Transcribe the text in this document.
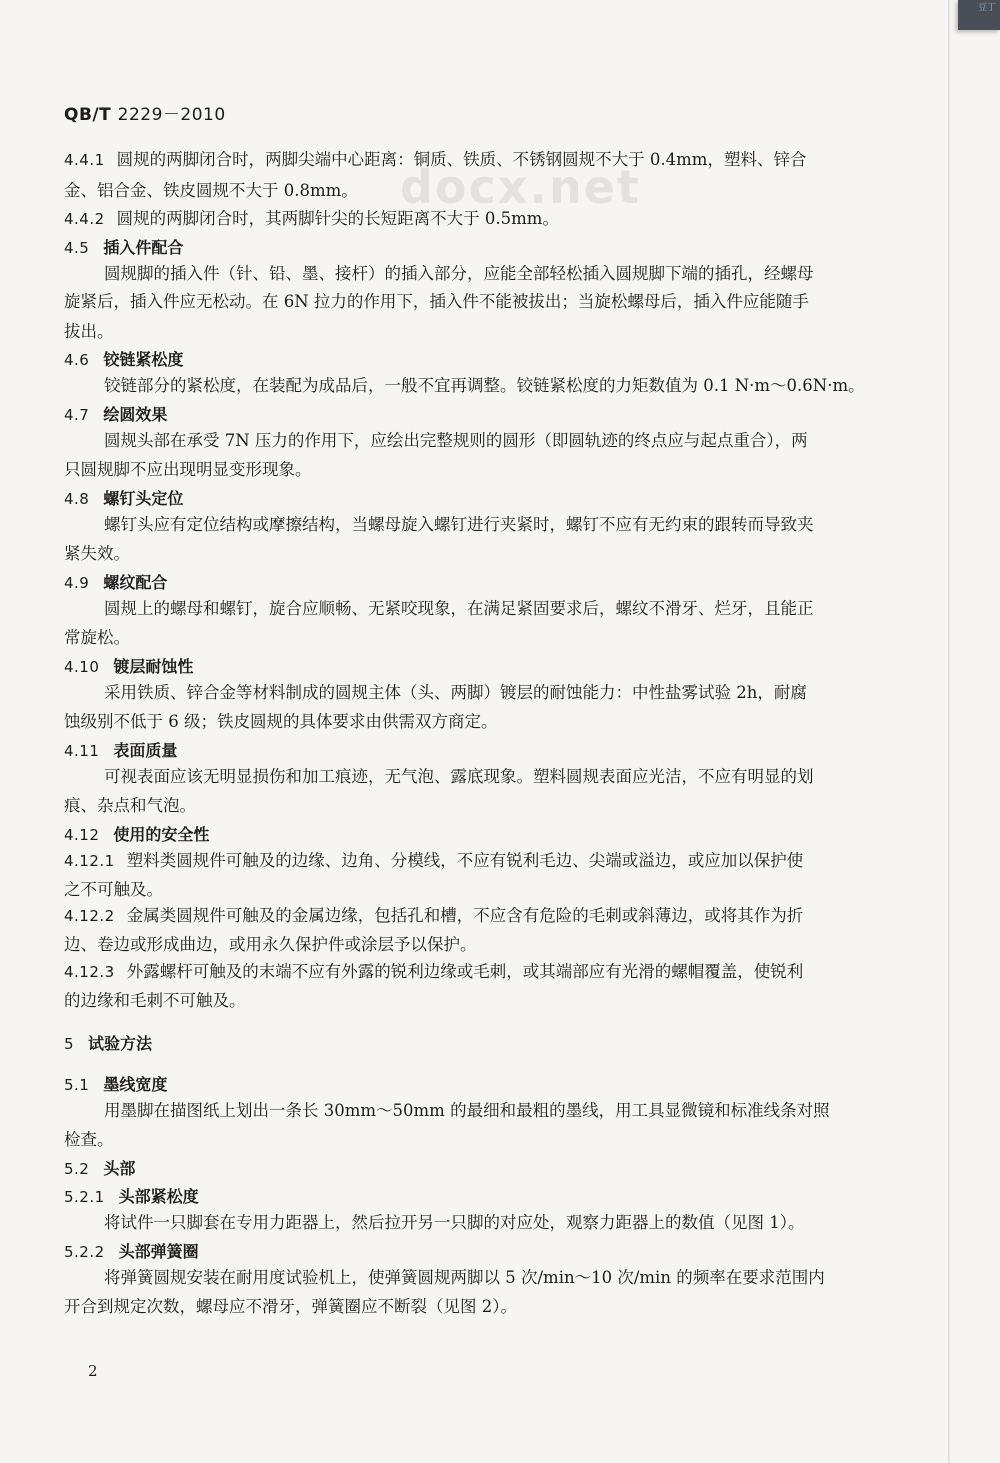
豆丁
QB/T 2229－2010
docx.net
4.4.1 圆规的两脚闭合时，两脚尖端中心距离：铜质、铁质、不锈钢圆规不大于 0.4mm，塑料、锌合
金、铝合金、铁皮圆规不大于 0.8mm。
4.4.2 圆规的两脚闭合时，其两脚针尖的长短距离不大于 0.5mm。
4.5 插入件配合
圆规脚的插入件（针、铅、墨、接杆）的插入部分，应能全部轻松插入圆规脚下端的插孔，经螺母
旋紧后，插入件应无松动。在 6N 拉力的作用下，插入件不能被拔出；当旋松螺母后，插入件应能随手
拔出。
4.6 铰链紧松度
铰链部分的紧松度，在装配为成品后，一般不宜再调整。铰链紧松度的力矩数值为 0.1 N·m～0.6N·m。
4.7 绘圆效果
圆规头部在承受 7N 压力的作用下，应绘出完整规则的圆形（即圆轨迹的终点应与起点重合），两
只圆规脚不应出现明显变形现象。
4.8 螺钉头定位
螺钉头应有定位结构或摩擦结构，当螺母旋入螺钉进行夹紧时，螺钉不应有无约束的跟转而导致夹
紧失效。
4.9 螺纹配合
圆规上的螺母和螺钉，旋合应顺畅、无紧咬现象，在满足紧固要求后，螺纹不滑牙、烂牙，且能正
常旋松。
4.10 镀层耐蚀性
采用铁质、锌合金等材料制成的圆规主体（头、两脚）镀层的耐蚀能力：中性盐雾试验 2h，耐腐
蚀级别不低于 6 级；铁皮圆规的具体要求由供需双方商定。
4.11 表面质量
可视表面应该无明显损伤和加工痕迹，无气泡、露底现象。塑料圆规表面应光洁，不应有明显的划
痕、杂点和气泡。
4.12 使用的安全性
4.12.1 塑料类圆规件可触及的边缘、边角、分模线，不应有锐利毛边、尖端或溢边，或应加以保护使
之不可触及。
4.12.2 金属类圆规件可触及的金属边缘，包括孔和槽，不应含有危险的毛刺或斜薄边，或将其作为折
边、卷边或形成曲边，或用永久保护件或涂层予以保护。
4.12.3 外露螺杆可触及的末端不应有外露的锐利边缘或毛刺，或其端部应有光滑的螺帽覆盖，使锐利
的边缘和毛刺不可触及。
5 试验方法
5.1 墨线宽度
用墨脚在描图纸上划出一条长 30mm～50mm 的最细和最粗的墨线，用工具显微镜和标准线条对照
检查。
5.2 头部
5.2.1 头部紧松度
将试件一只脚套在专用力距器上，然后拉开另一只脚的对应处，观察力距器上的数值（见图 1）。
5.2.2 头部弹簧圈
将弹簧圆规安装在耐用度试验机上，使弹簧圆规两脚以 5 次/min～10 次/min 的频率在要求范围内
开合到规定次数，螺母应不滑牙，弹簧圈应不断裂（见图 2）。
2
